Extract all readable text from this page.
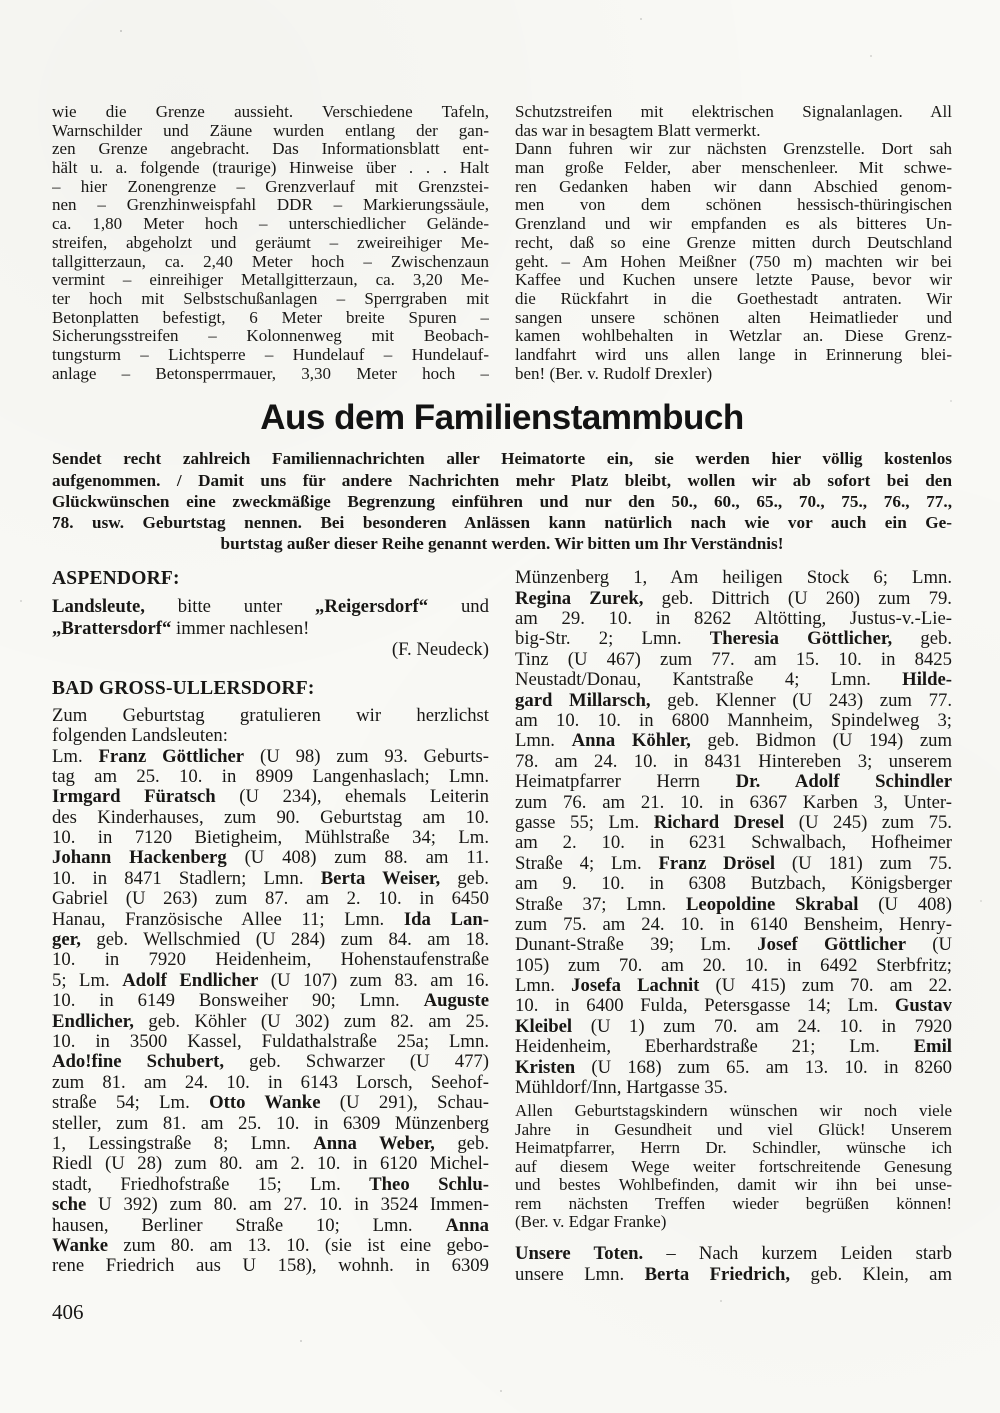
wie die Grenze aussieht. Verschiedene Tafeln,
Warnschilder und Zäune wurden entlang der gan-
zen Grenze angebracht. Das Informationsblatt ent-
hält u. a. folgende (traurige) Hinweise über . . . Halt
– hier Zonengrenze – Grenzverlauf mit Grenzstei-
nen – Grenzhinweispfahl DDR – Markierungssäule,
ca. 1,80 Meter hoch – unterschiedlicher Gelände-
streifen, abgeholzt und geräumt – zweireihiger Me-
tallgitterzaun, ca. 2,40 Meter hoch – Zwischenzaun
vermint – einreihiger Metallgitterzaun, ca. 3,20 Me-
ter hoch mit Selbstschußanlagen – Sperrgraben mit
Betonplatten befestigt, 6 Meter breite Spuren –
Sicherungsstreifen – Kolonnenweg mit Beobach-
tungsturm – Lichtsperre – Hundelauf – Hundelauf-
anlage – Betonsperrmauer, 3,30 Meter hoch –
Schutzstreifen mit elektrischen Signalanlagen. All
das war in besagtem Blatt vermerkt.
Dann fuhren wir zur nächsten Grenzstelle. Dort sah
man große Felder, aber menschenleer. Mit schwe-
ren Gedanken haben wir dann Abschied genom-
men von dem schönen hessisch-thüringischen
Grenzland und wir empfanden es als bitteres Un-
recht, daß so eine Grenze mitten durch Deutschland
geht. – Am Hohen Meißner (750 m) machten wir bei
Kaffee und Kuchen unsere letzte Pause, bevor wir
die Rückfahrt in die Goethestadt antraten. Wir
sangen unsere schönen alten Heimatlieder und
kamen wohlbehalten in Wetzlar an. Diese Grenz-
landfahrt wird uns allen lange in Erinnerung blei-
ben! (Ber. v. Rudolf Drexler)
Aus dem Familienstammbuch
Sendet recht zahlreich Familiennachrichten aller Heimatorte ein, sie werden hier völlig kostenlos
aufgenommen. / Damit uns für andere Nachrichten mehr Platz bleibt, wollen wir ab sofort bei den
Glückwünschen eine zweckmäßige Begrenzung einführen und nur den 50., 60., 65., 70., 75., 76., 77.,
78. usw. Geburtstag nennen. Bei besonderen Anlässen kann natürlich nach wie vor auch ein Ge-
burtstag außer dieser Reihe genannt werden. Wir bitten um Ihr Verständnis!
ASPENDORF:
Landsleute, bitte unter „Reigersdorf“ und
„Brattersdorf“ immer nachlesen!
(F. Neudeck)
BAD GROSS-ULLERSDORF:
Zum Geburtstag gratulieren wir herzlichst
folgenden Landsleuten:
Lm. Franz Göttlicher (U 98) zum 93. Geburts-
tag am 25. 10. in 8909 Langenhaslach; Lmn.
Irmgard Füratsch (U 234), ehemals Leiterin
des Kinderhauses, zum 90. Geburtstag am 10.
10. in 7120 Bietigheim, Mühlstraße 34; Lm.
Johann Hackenberg (U 408) zum 88. am 11.
10. in 8471 Stadlern; Lmn. Berta Weiser, geb.
Gabriel (U 263) zum 87. am 2. 10. in 6450
Hanau, Französische Allee 11; Lmn. Ida Lan-
ger, geb. Wellschmied (U 284) zum 84. am 18.
10. in 7920 Heidenheim, Hohenstaufenstraße
5; Lm. Adolf Endlicher (U 107) zum 83. am 16.
10. in 6149 Bonsweiher 90; Lmn. Auguste
Endlicher, geb. Köhler (U 302) zum 82. am 25.
10. in 3500 Kassel, Fuldathalstraße 25a; Lmn.
Ado!fine Schubert, geb. Schwarzer (U 477)
zum 81. am 24. 10. in 6143 Lorsch, Seehof-
straße 54; Lm. Otto Wanke (U 291), Schau-
steller, zum 81. am 25. 10. in 6309 Münzenberg
1, Lessingstraße 8; Lmn. Anna Weber, geb.
Riedl (U 28) zum 80. am 2. 10. in 6120 Michel-
stadt, Friedhofstraße 15; Lm. Theo Schlu-
sche U 392) zum 80. am 27. 10. in 3524 Immen-
hausen, Berliner Straße 10; Lmn. Anna
Wanke zum 80. am 13. 10. (sie ist eine gebo-
rene Friedrich aus U 158), wohnh. in 6309
Münzenberg 1, Am heiligen Stock 6; Lmn.
Regina Zurek, geb. Dittrich (U 260) zum 79.
am 29. 10. in 8262 Altötting, Justus-v.-Lie-
big-Str. 2; Lmn. Theresia Göttlicher, geb.
Tinz (U 467) zum 77. am 15. 10. in 8425
Neustadt/Donau, Kantstraße 4; Lmn. Hilde-
gard Millarsch, geb. Klenner (U 243) zum 77.
am 10. 10. in 6800 Mannheim, Spindelweg 3;
Lmn. Anna Köhler, geb. Bidmon (U 194) zum
78. am 24. 10. in 8431 Hintereben 3; unserem
Heimatpfarrer Herrn Dr. Adolf Schindler
zum 76. am 21. 10. in 6367 Karben 3, Unter-
gasse 55; Lm. Richard Dresel (U 245) zum 75.
am 2. 10. in 6231 Schwalbach, Hofheimer
Straße 4; Lm. Franz Drösel (U 181) zum 75.
am 9. 10. in 6308 Butzbach, Königsberger
Straße 37; Lmn. Leopoldine Skrabal (U 408)
zum 75. am 24. 10. in 6140 Bensheim, Henry-
Dunant-Straße 39; Lm. Josef Göttlicher (U
105) zum 70. am 20. 10. in 6492 Sterbfritz;
Lmn. Josefa Lachnit (U 415) zum 70. am 22.
10. in 6400 Fulda, Petersgasse 14; Lm. Gustav
Kleibel (U 1) zum 70. am 24. 10. in 7920
Heidenheim, Eberhardstraße 21; Lm. Emil
Kristen (U 168) zum 65. am 13. 10. in 8260
Mühldorf/Inn, Hartgasse 35.
Allen Geburtstagskindern wünschen wir noch viele
Jahre in Gesundheit und viel Glück! Unserem
Heimatpfarrer, Herrn Dr. Schindler, wünsche ich
auf diesem Wege weiter fortschreitende Genesung
und bestes Wohlbefinden, damit wir ihn bei unse-
rem nächsten Treffen wieder begrüßen können!
(Ber. v. Edgar Franke)
Unsere Toten. – Nach kurzem Leiden starb
unsere Lmn. Berta Friedrich, geb. Klein, am
406
